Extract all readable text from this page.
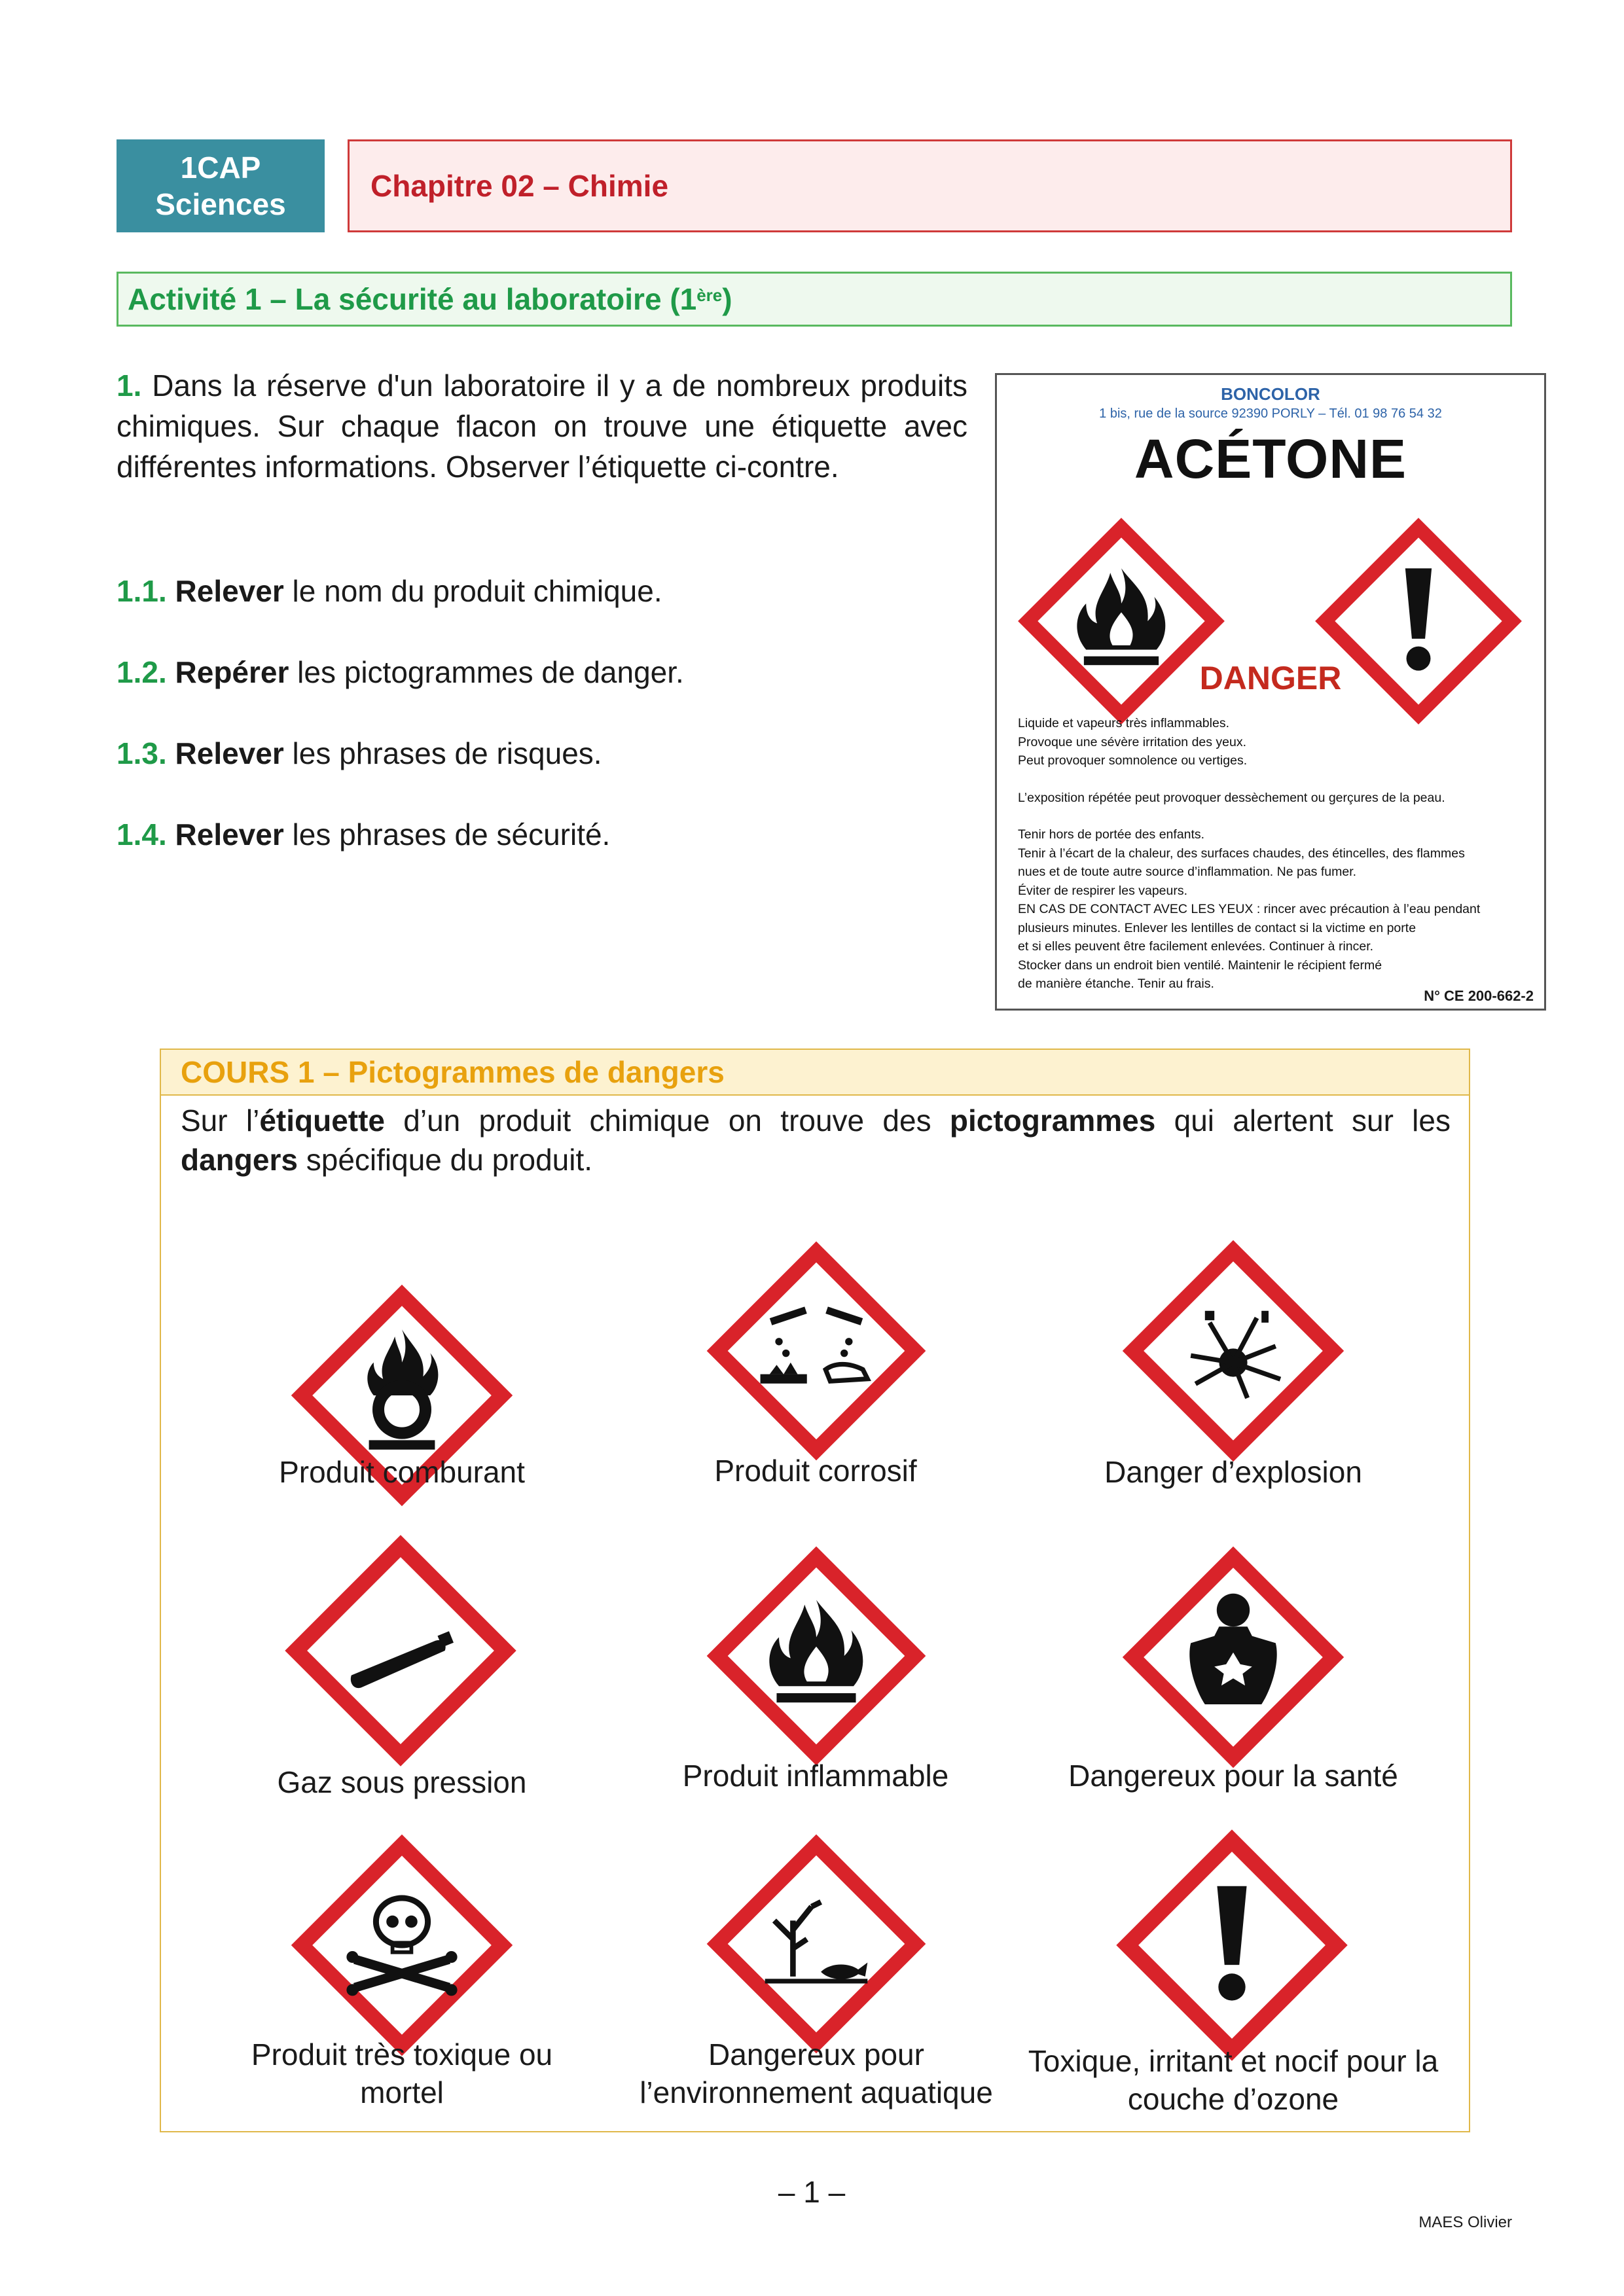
1CAP
Sciences
Chapitre 02 – Chimie
Activité 1 – La sécurité au laboratoire (1ère )
1. Dans la réserve d'un laboratoire il y a de nombreux produits chimiques. Sur chaque flacon on trouve une étiquette avec différentes informations. Observer l’étiquette ci-contre.
1.1. Relever le nom du produit chimique.
1.2. Repérer les pictogrammes de danger.
1.3. Relever les phrases de risques.
1.4. Relever les phrases de sécurité.
BONCOLOR
1 bis, rue de la source 92390 PORLY – Tél. 01 98 76 54 32
ACÉTONE
DANGER

Liquide et vapeurs très inflammables.
Provoque une sévère irritation des yeux.
Peut provoquer somnolence ou vertiges.

L’exposition répétée peut provoquer dessèchement ou gerçures de la peau.

Tenir hors de portée des enfants.
Tenir à l’écart de la chaleur, des surfaces chaudes, des étincelles, des flammes
nues et de toute autre source d’inflammation. Ne pas fumer.
Éviter de respirer les vapeurs.
EN CAS DE CONTACT AVEC LES YEUX : rincer avec précaution à l’eau pendant
plusieurs minutes. Enlever les lentilles de contact si la victime en porte
et si elles peuvent être facilement enlevées. Continuer à rincer.
Stocker dans un endroit bien ventilé. Maintenir le récipient fermé
de manière étanche. Tenir au frais.

N° CE 200-662-2
COURS 1 – Pictogrammes de dangers
Sur l’étiquette d’un produit chimique on trouve des pictogrammes qui alertent sur les dangers spécifique du produit.
Produit comburant	Produit corrosif	Danger d’explosion
Gaz sous pression	Produit inflammable	Dangereux pour la santé
Produit très toxique ou mortel
Dangereux pour l’environnement aquatique
Toxique, irritant et nocif pour la couche d’ozone
– 1 –
MAES Olivier
